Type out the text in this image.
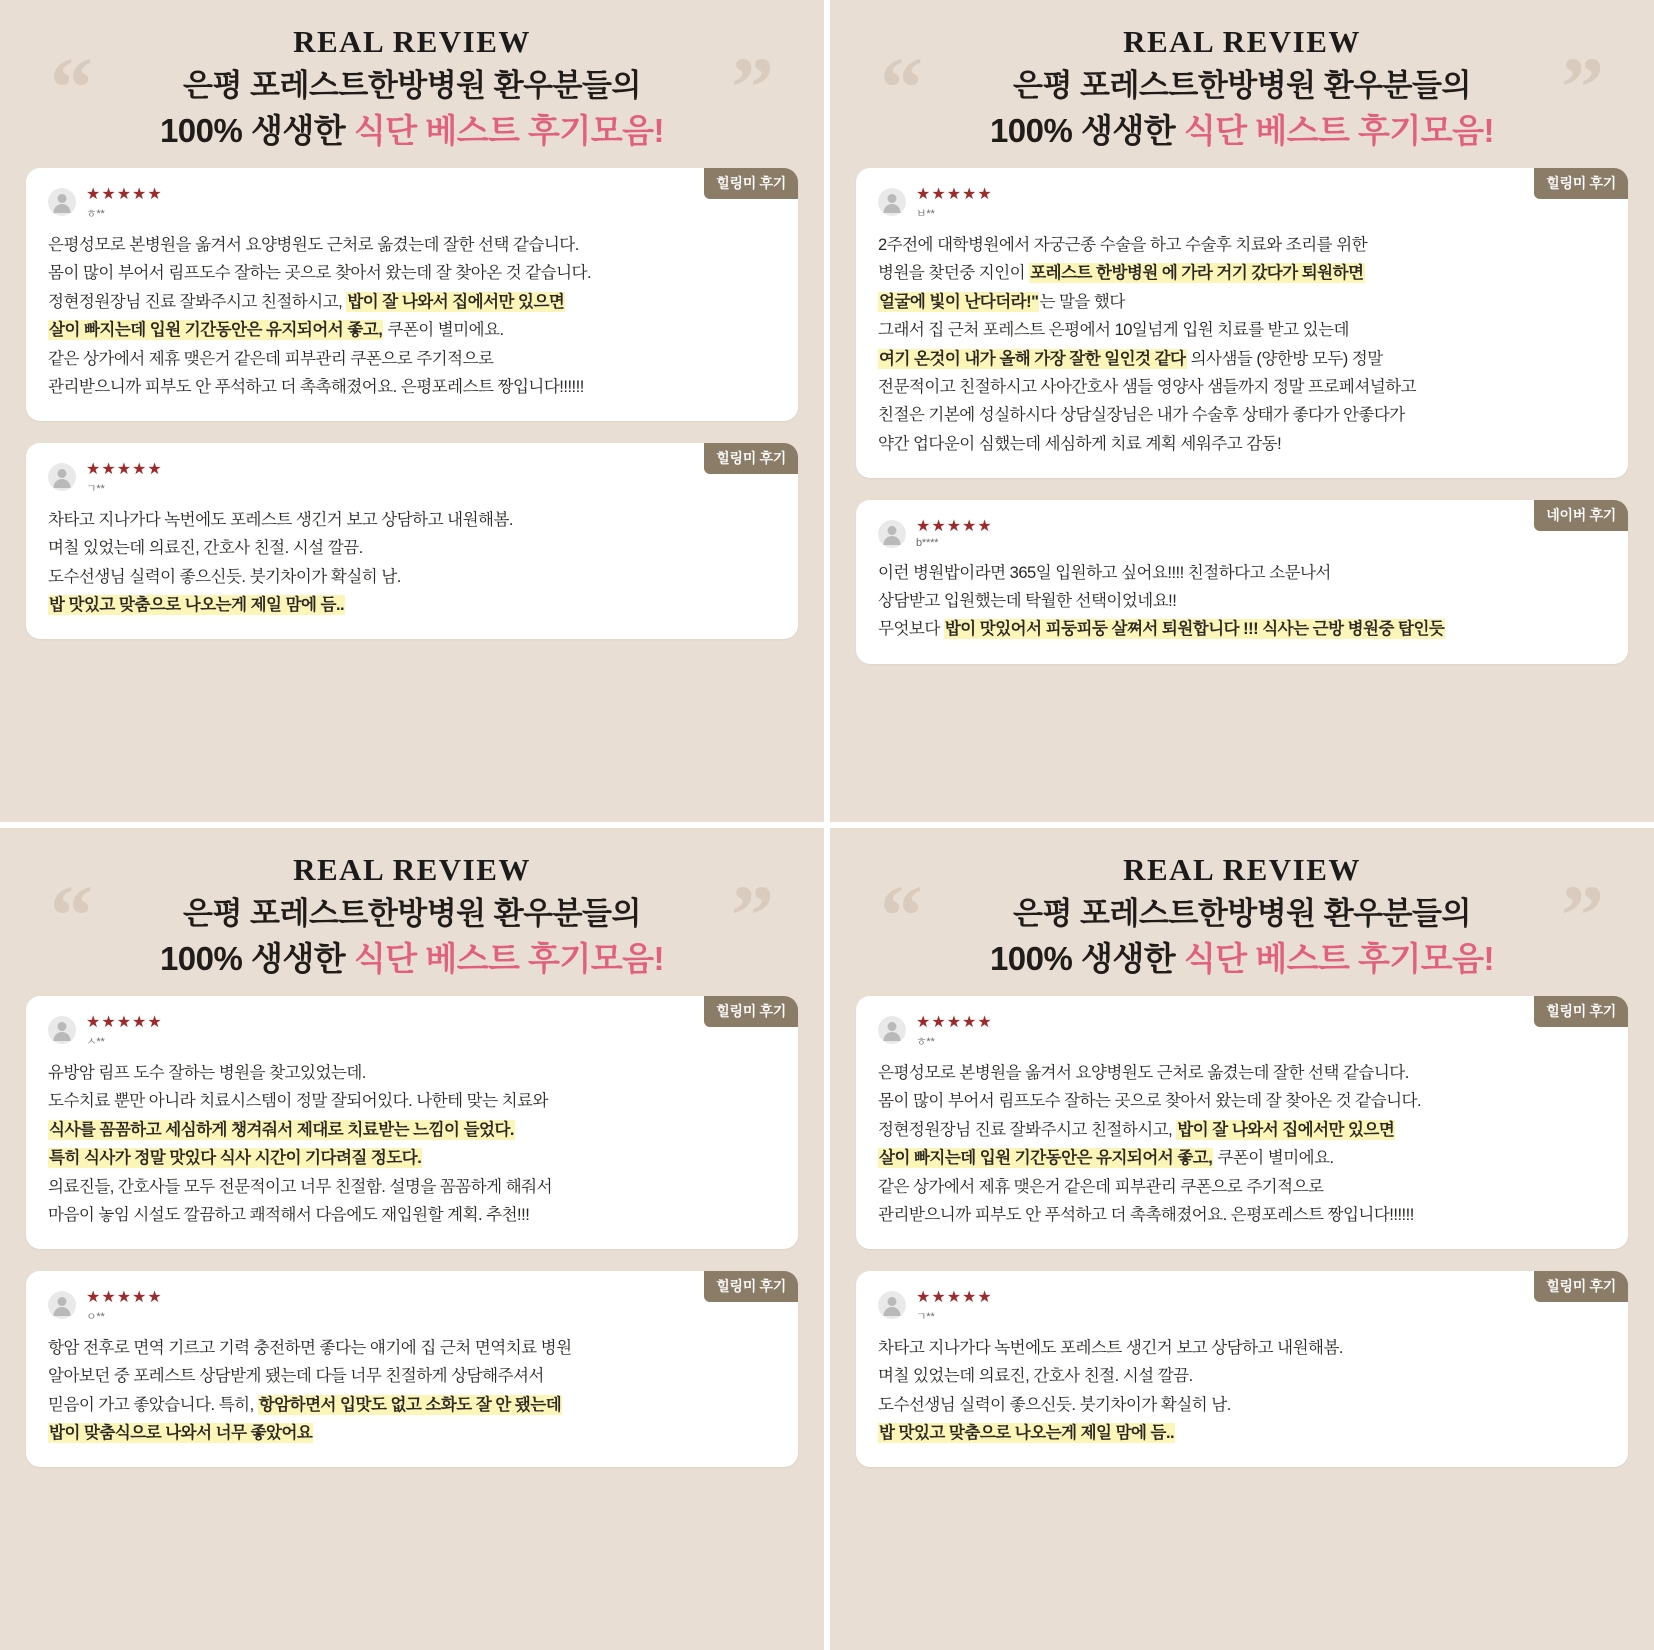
“	”
REAL REVIEW
은평 포레스트한방병원 환우분들의
100% 생생한 식단 베스트 후기모음!
힐링미 후기
★★★★★
ㅎ**
은평성모로 본병원을 옮겨서 요양병원도 근처로 옮겼는데 잘한 선택 같습니다.
몸이 많이 부어서 림프도수 잘하는 곳으로 찾아서 왔는데 잘 찾아온 것 같습니다.
정현정원장님 진료 잘봐주시고 친절하시고, 밥이 잘 나와서 집에서만 있으면
살이 빠지는데 입원 기간동안은 유지되어서 좋고, 쿠폰이 별미에요.
같은 상가에서 제휴 맺은거 같은데 피부관리 쿠폰으로 주기적으로
관리받으니까 피부도 안 푸석하고 더 촉촉해졌어요. 은평포레스트 짱입니다!!!!!!
힐링미 후기
★★★★★
ㄱ**
차타고 지나가다 녹번에도 포레스트 생긴거 보고 상담하고 내원해봄.
며칠 있었는데 의료진, 간호사 친절. 시설 깔끔.
도수선생님 실력이 좋으신듯. 붓기차이가 확실히 남.
밥 맛있고 맞춤으로 나오는게 제일 맘에 듬..
“	”
REAL REVIEW
은평 포레스트한방병원 환우분들의
100% 생생한 식단 베스트 후기모음!
힐링미 후기
★★★★★
ㅂ**
2주전에 대학병원에서 자궁근종 수술을 하고 수술후 치료와 조리를 위한
병원을 찾던중 지인이 포레스트 한방병원 에 가라 거기 갔다가 퇴원하면
얼굴에 빛이 난다더라!"는 말을 했다
그래서 집 근처 포레스트 은평에서 10일넘게 입원 치료를 받고 있는데
여기 온것이 내가 올해 가장 잘한 일인것 같다 의사샘들 (양한방 모두) 정말
전문적이고 친절하시고 사아간호사 샘들 영양사 샘들까지 정말 프로페셔널하고
친절은 기본에 성실하시다 상담실장님은 내가 수술후 상태가 좋다가 안좋다가
약간 업다운이 심했는데 세심하게 치료 계획 세워주고 감동!
네이버 후기
★★★★★
b****
이런 병원밥이라면 365일 입원하고 싶어요!!!! 친절하다고 소문나서
상담받고 입원했는데 탁월한 선택이었네요!!
무엇보다 밥이 맛있어서 피둥피둥 살쪄서 퇴원합니다 !!! 식사는 근방 병원중 탑인듯
“	”
REAL REVIEW
은평 포레스트한방병원 환우분들의
100% 생생한 식단 베스트 후기모음!
힐링미 후기
★★★★★
ㅅ**
유방암 림프 도수 잘하는 병원을 찾고있었는데.
도수치료 뿐만 아니라 치료시스템이 정말 잘되어있다. 나한테 맞는 치료와
식사를 꼼꼼하고 세심하게 챙겨줘서 제대로 치료받는 느낌이 들었다.
특히 식사가 정말 맛있다 식사 시간이 기다려질 정도다.
의료진들, 간호사들 모두 전문적이고 너무 친절함. 설명을 꼼꼼하게 해줘서
마음이 놓임 시설도 깔끔하고 쾌적해서 다음에도 재입원할 계획. 추천!!!
힐링미 후기
★★★★★
ㅇ**
항암 전후로 면역 기르고 기력 충전하면 좋다는 얘기에 집 근처 면역치료 병원
알아보던 중 포레스트 상담받게 됐는데 다들 너무 친절하게 상담해주셔서
믿음이 가고 좋았습니다. 특히, 항암하면서 입맛도 없고 소화도 잘 안 됐는데
밥이 맞춤식으로 나와서 너무 좋았어요
“	”
REAL REVIEW
은평 포레스트한방병원 환우분들의
100% 생생한 식단 베스트 후기모음!
힐링미 후기
★★★★★
ㅎ**
은평성모로 본병원을 옮겨서 요양병원도 근처로 옮겼는데 잘한 선택 같습니다.
몸이 많이 부어서 림프도수 잘하는 곳으로 찾아서 왔는데 잘 찾아온 것 같습니다.
정현정원장님 진료 잘봐주시고 친절하시고, 밥이 잘 나와서 집에서만 있으면
살이 빠지는데 입원 기간동안은 유지되어서 좋고, 쿠폰이 별미에요.
같은 상가에서 제휴 맺은거 같은데 피부관리 쿠폰으로 주기적으로
관리받으니까 피부도 안 푸석하고 더 촉촉해졌어요. 은평포레스트 짱입니다!!!!!!
힐링미 후기
★★★★★
ㄱ**
차타고 지나가다 녹번에도 포레스트 생긴거 보고 상담하고 내원해봄.
며칠 있었는데 의료진, 간호사 친절. 시설 깔끔.
도수선생님 실력이 좋으신듯. 붓기차이가 확실히 남.
밥 맛있고 맞춤으로 나오는게 제일 맘에 듬..
